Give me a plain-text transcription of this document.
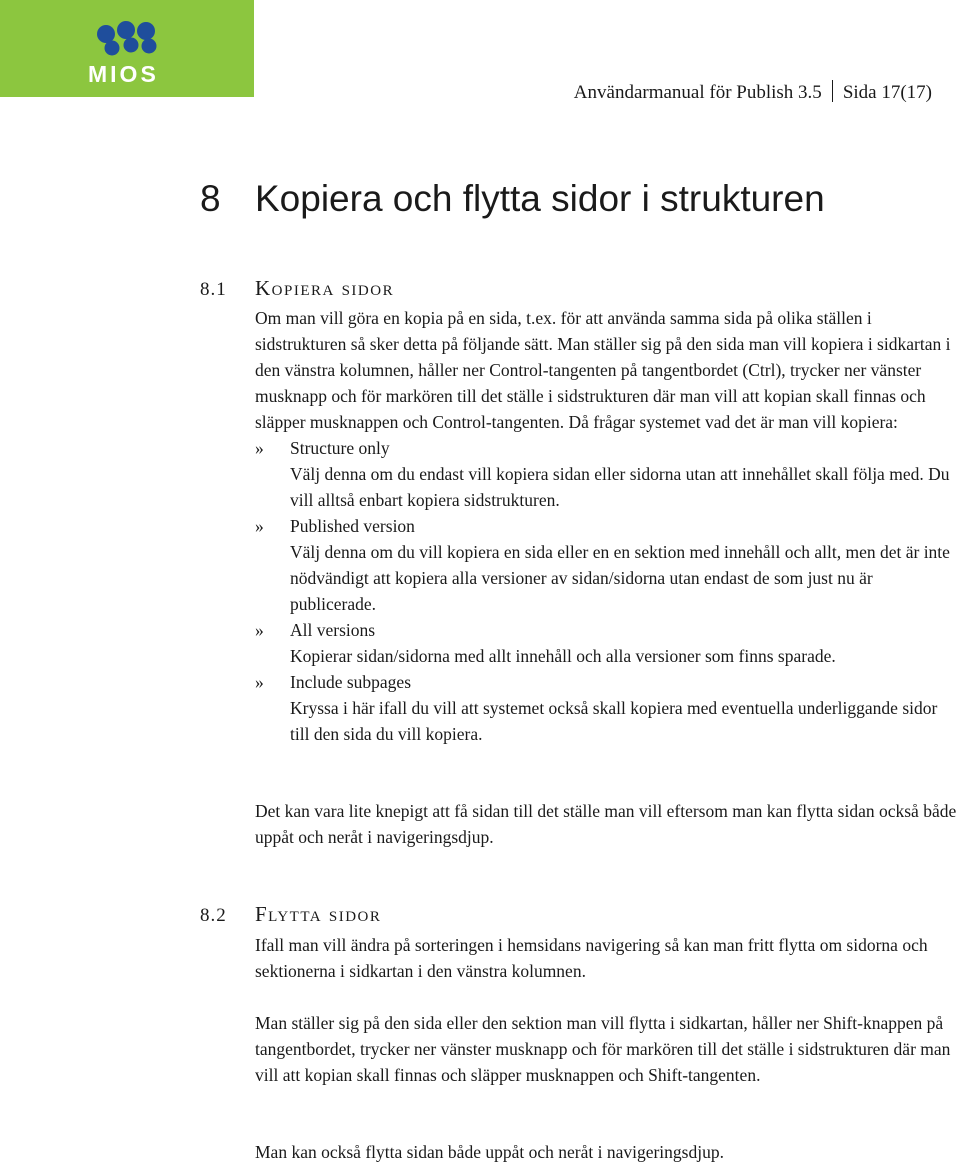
MIOS
Användarmanual för Publish 3.5 Sida 17(17)
8 Kopiera och flytta sidor i strukturen
8.1 Kopiera sidor

Om man vill göra en kopia på en sida, t.ex. för att använda samma sida på olika ställen i sidstrukturen så sker detta på följande sätt. Man ställer sig på den sida man vill kopiera i sidkartan i den vänstra kolumnen, håller ner Control-tangenten på tangentbordet (Ctrl), trycker ner vänster musknapp och för markören till det ställe i sidstrukturen där man vill att kopian skall finnas och släpper musknappen och Control-tangenten. Då frågar systemet vad det är man vill kopiera:

» Structure only
Välj denna om du endast vill kopiera sidan eller sidorna utan att innehållet skall följa med. Du vill alltså enbart kopiera sidstrukturen.
» Published version
Välj denna om du vill kopiera en sida eller en en sektion med innehåll och allt, men det är inte nödvändigt att kopiera alla versioner av sidan/sidorna utan endast de som just nu är publicerade.
» All versions
Kopierar sidan/sidorna med allt innehåll och alla versioner som finns sparade.
» Include subpages
Kryssa i här ifall du vill att systemet också skall kopiera med eventuella underliggande sidor till den sida du vill kopiera.

Det kan vara lite knepigt att få sidan till det ställe man vill eftersom man kan flytta sidan också både uppåt och neråt i navigeringsdjup.

8.2 Flytta sidor

Ifall man vill ändra på sorteringen i hemsidans navigering så kan man fritt flytta om sidorna och sektionerna i sidkartan i den vänstra kolumnen.

Man ställer sig på den sida eller den sektion man vill flytta i sidkartan, håller ner Shift-knappen på tangentbordet, trycker ner vänster musknapp och för markören till det ställe i sidstrukturen där man vill att kopian skall finnas och släpper musknappen och Shift-tangenten.

Man kan också flytta sidan både uppåt och neråt i navigeringsdjup.
